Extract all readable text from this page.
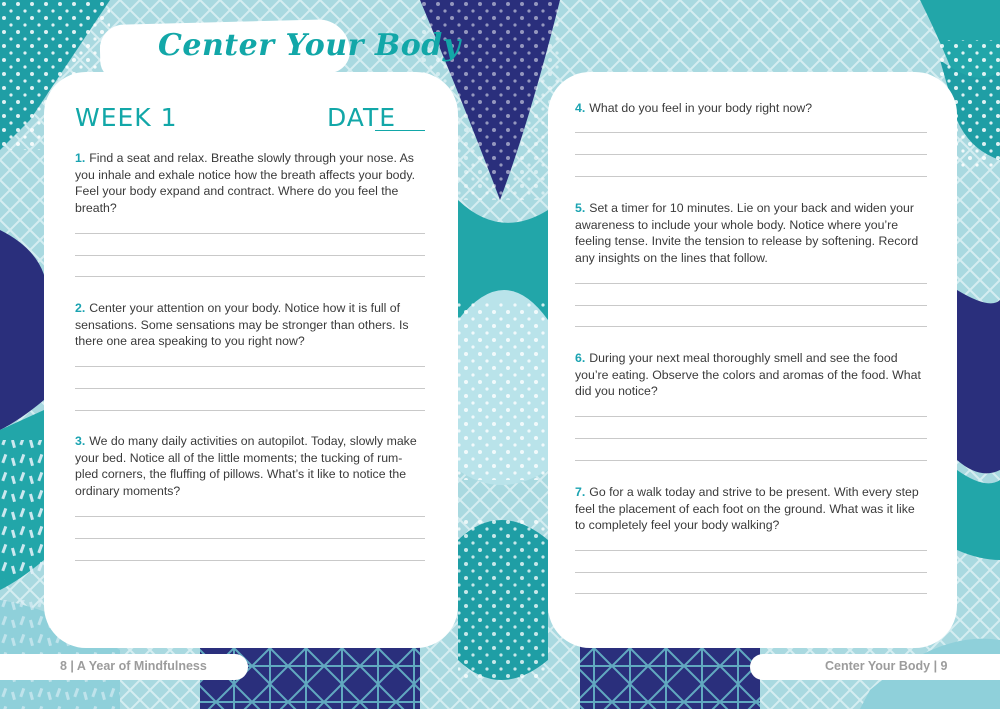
Center Your Body
WEEK 1	DATE
1. Find a seat and relax. Breathe slowly through your nose. As you inhale and exhale notice how the breath affects your body. Feel your body expand and contract. Where do you feel the breath?
2. Center your attention on your body. Notice how it is full of sensations. Some sensations may be stronger than others. Is there one area speaking to you right now?
3. We do many daily activities on autopilot. Today, slowly make your bed. Notice all of the little moments; the tucking of rum-pled corners, the fluffing of pillows. What’s it like to notice the ordinary moments?
4. What do you feel in your body right now?
5. Set a timer for 10 minutes. Lie on your back and widen your awareness to include your whole body. Notice where you’re feeling tense. Invite the tension to release by softening. Record any insights on the lines that follow.
6. During your next meal thoroughly smell and see the food you’re eating. Observe the colors and aromas of the food. What did you notice?
7. Go for a walk today and strive to be present. With every step feel the placement of each foot on the ground. What was it like to completely feel your body walking?
8 | A Year of Mindfulness	Center Your Body | 9
